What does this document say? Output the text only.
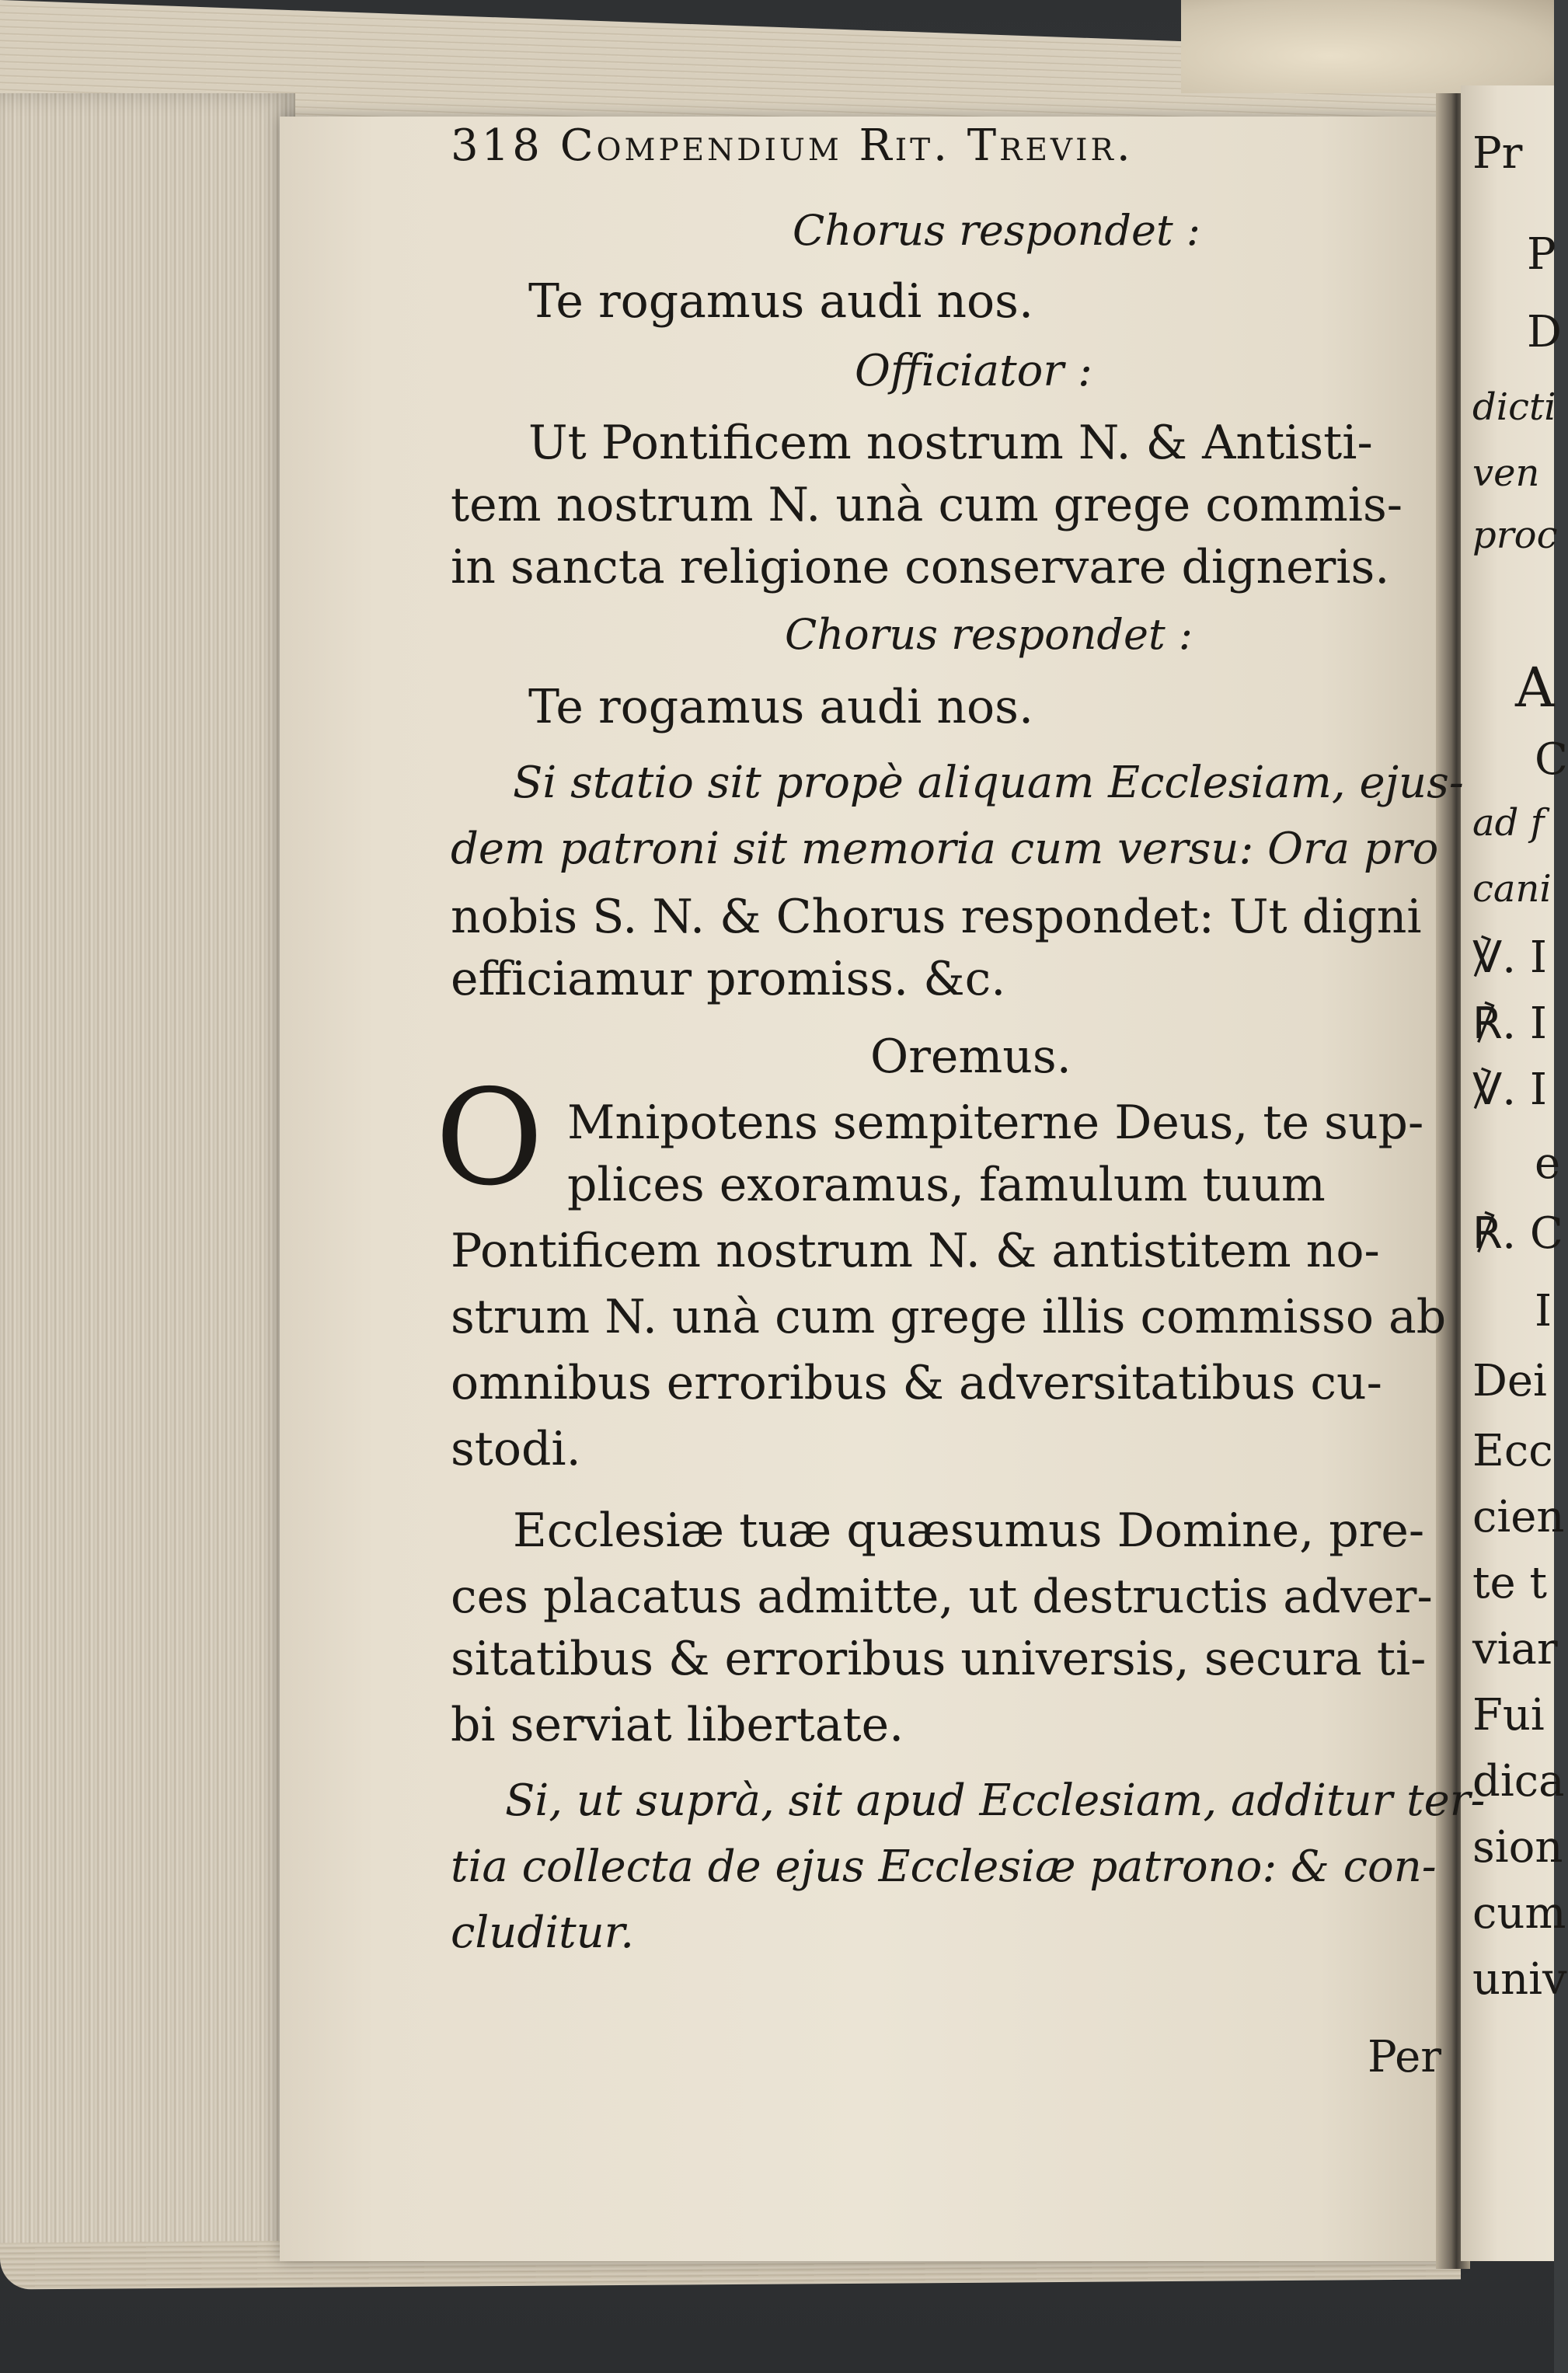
318 Compendium Rit. Trevir.
Chorus respondet :
Te rogamus audi nos.
Officiator :
Ut Pontificem nostrum N. & Antisti-
tem nostrum N. unà cum grege commis-
in sancta religione conservare digneris.
Chorus respondet :
Te rogamus audi nos.
Si statio sit propè aliquam Ecclesiam, ejus-
dem patroni sit memoria cum versu: Ora pro
nobis S. N. & Chorus respondet: Ut digni
efficiamur promiss. &c.
Oremus.
O Mnipotens sempiterne Deus, te sup-
plices exoramus, famulum tuum
Pontificem nostrum N. & antistitem no-
strum N. unà cum grege illis commisso ab
omnibus erroribus & adversitatibus cu-
stodi.
Ecclesiæ tuæ quæsumus Domine, pre-
ces placatus admitte, ut destructis adver-
sitatibus & erroribus universis, secura ti-
bi serviat libertate.
Si, ut suprà, sit apud Ecclesiam, additur ter-
tia collecta de ejus Ecclesiæ patrono: & con-
cluditur.
Per
Pr
P
D
dicti
ven
proc
A
C
ad f
cani
℣. I
℟. I
℣. I
e
℟. C
I
Dei
Ecc
cien
te t
viar
Fui
dica
sion
cum
univ
